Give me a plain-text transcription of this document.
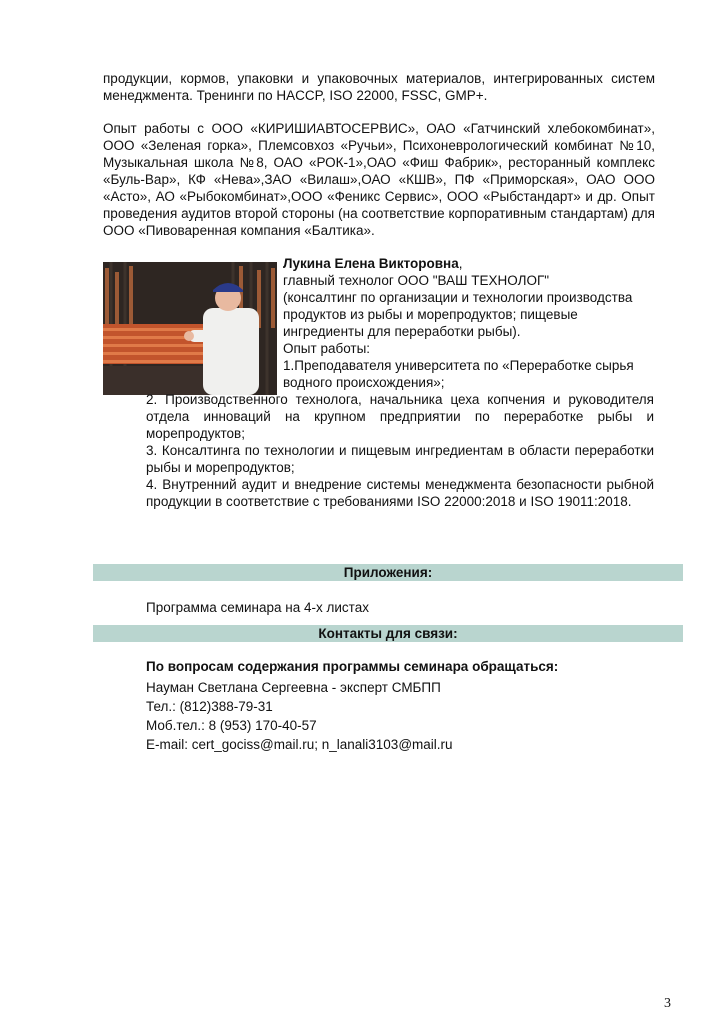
продукции, кормов, упаковки и упаковочных материалов, интегрированных систем менеджмента. Тренинги по HACCP, ISO 22000, FSSC, GMP+.

Опыт работы с ООО «КИРИШИАВТОСЕРВИС», ОАО «Гатчинский хлебокомбинат», ООО «Зеленая горка», Племсовхоз «Ручьи», Психоневрологический комбинат №10, Музыкальная школа №8, ОАО «РОК-1»,ОАО «Фиш Фабрик», ресторанный комплекс «Буль-Вар», КФ «Нева»,ЗАО «Вилаш»,ОАО «КШВ», ПФ «Приморская», ОАО ООО «Асто», АО «Рыбокомбинат»,ООО «Феникс Сервис», ООО «Рыбстандарт» и др. Опыт проведения аудитов второй стороны (на соответствие корпоративным стандартам) для ООО «Пивоваренная компания «Балтика».

Лукина Елена Викторовна,
главный технолог ООО "ВАШ ТЕХНОЛОГ"
(консалтинг по организации и технологии производства продуктов из рыбы и морепродуктов; пищевые ингредиенты для переработки рыбы).
Опыт работы:
1.Преподавателя университета по «Переработке сырья водного происхождения»;

2. Производственного технолога, начальника цеха копчения и руководителя отдела инноваций на крупном предприятии по переработке рыбы и морепродуктов;

3. Консалтинга по технологии и пищевым ингредиентам в области переработки рыбы и морепродуктов;

4. Внутренний аудит и внедрение системы менеджмента безопасности рыбной продукции в соответствие с требованиями ISO 22000:2018 и ISO 19011:2018.

Приложения:
Программа семинара на 4-х листах
Контакты для связи:
По вопросам содержания программы семинара обращаться:
Науман Светлана Сергеевна - эксперт СМБПП
Тел.: (812)388-79-31
Моб.тел.: 8 (953) 170-40-57
E-mail: cert_gociss@mail.ru; n_lanali3103@mail.ru
3
